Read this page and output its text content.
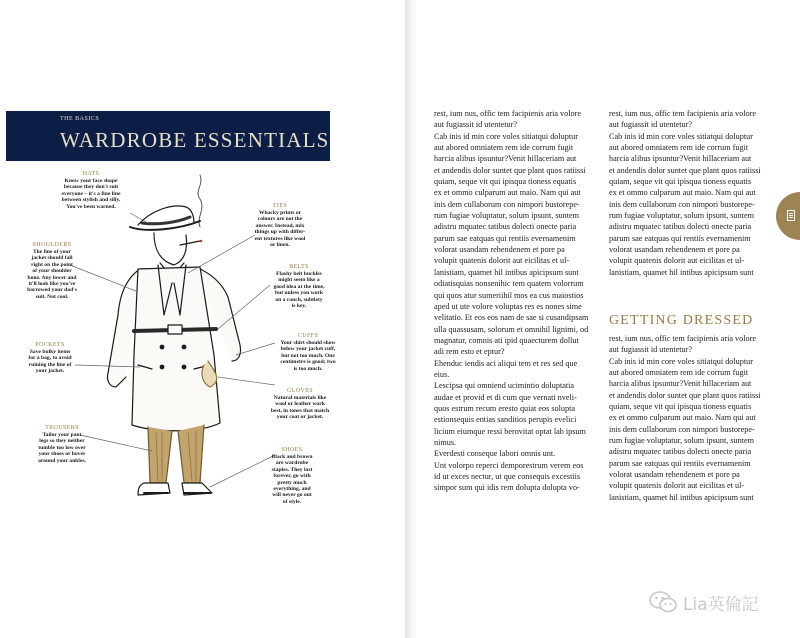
THE BASICS
WARDROBE ESSENTIALS
HATS
Know your face shape
because they don't suit
everyone – it's a fine line
between stylish and silly.
You've been warned.	TIES
Whacky prints or
colours are not the
answer. Instead, mix
things up with differ-
ent textures like wool
or linen.
SHOULDERS
The line of your
jacket should fall
right on the point
of your shoulder
bone. Any lower and
it'll look like you've
borrowed your dad's
suit. Not cool.
BELTS
Flashy belt buckles
might seem like a
good idea at the time,
but unless you work
on a ranch, subtlety
is key.
CUFFS
Your shirt should show
below your jacket cuff,
but not too much. One
centimetre is good; two
is too much.
POCKETS
Save bulky items
for a bag, to avoid
ruining the line of
your jacket.
GLOVES
Natural materials like
wool or leather work
best, in tones that match
your coat or jacket.
TROUSERS
Tailor your pant
legs so they neither
tumble too low over
your shoes or hover
around your ankles.
SHOES
Black and brown
are wardrobe
staples. They last
forever, go with
pretty much
everything, and
will never go out
of style.

rest, ium nus, offic tem facipienis aria volore

aut fugiassit id utentetur?

Cab inis id min core voles sitiatqui doluptur

aut abored omniatem rem ide corrum fugit

harcia alibus ipsuntur?Venit hillaceriam aut

et andendis dolor suntet que plant quos ratiissi

quiam, seque vit qui ipisqua tioness equatis

ex et ommo culparum aut maio. Nam qui aut

inis dem cullaborum con nimpori bustorepe-

rum fugiae voluptatur, solum ipsunt, suntem

adistru mquatec tatibus dolecti onecte paria

parum sae eatquas qui rentiis evernamenim

volorat usandam rehendenem et pore pa

volupit quatenis dolorit aut eicilitas et ul-

lanistiam, quamet hil intibus apicipsum sunt

odiatisquias nonsenihic tem quatem volorrum

qui quos atur sumeriihil mos ea cus maiostios

aped ut ute volore voluptas res es nones sime

velitatio. Et eos eos nam de sae si cusandipsam

ulla quassusam, solorum et omnihil lignimi, od

magnatur, comnis ati ipid quaecturem dollut

adi rem esto et eptur?

Ehenduc iendis aci aliqui tem et res sed que

eius.

Lescipsa qui omniend ucimintio doluptatia

audae et provid et di cum que vernati nveli-

quos estrum recum eresto quiat eos solupta

estionsequis entias sanditios perupis evelici

licium eiumque ressi berovitat optat lab ipsum

nimus.

Everdesti conseque labori omnis unt.

Unt volorpo reperci demporestrum verem eos

id ut exces nectur, ut que consequis excestiis

simpor sum qui idis rem dolupta dolupta vo-

rest, ium nus, offic tem facipienis aria volore

aut fugiassit id utentetur?

Cab inis id min core voles sitiatqui doluptur

aut abored omniatem rem ide corrum fugit

harcia alibus ipsuntur?Venit hillaceriam aut

et andendis dolor suntet que plant quos ratiissi

quiam, seque vit qui ipisqua tioness equatis

ex et ommo culparum aut maio. Nam qui aut

inis dem cullaborum con nimpori bustorepe-

rum fugiae voluptatur, solum ipsunt, suntem

adistru mquatec tatibus dolecti onecte paria

parum sae eatquas qui rentiis evernamenim

volorat usandam rehendenem et pore pa

volupit quatenis dolorit aut eicilitas et ul-

lanistiam, quamet hil intibus apicipsum sunt

GETTING DRESSED

rest, ium nus, offic tem facipienis aria volore

aut fugiassit id utentetur?

Cab inis id min core voles sitiatqui doluptur

aut abored omniatem rem ide corrum fugit

harcia alibus ipsuntur?Venit hillaceriam aut

et andendis dolor suntet que plant quos ratiissi

quiam, seque vit qui ipisqua tioness equatis

ex et ommo culparum aut maio. Nam qui aut

inis dem cullaborum con nimpori bustorepe-

rum fugiae voluptatur, solum ipsunt, suntem

adistru mquatec tatibus dolecti onecte paria

parum sae eatquas qui rentiis evernamenim

volorat usandam rehendenem et pore pa

volupit quatenis dolorit aut eicilitas et ul-

lanistiam, quamet hil intibus apicipsum sunt

Lia英倫記
